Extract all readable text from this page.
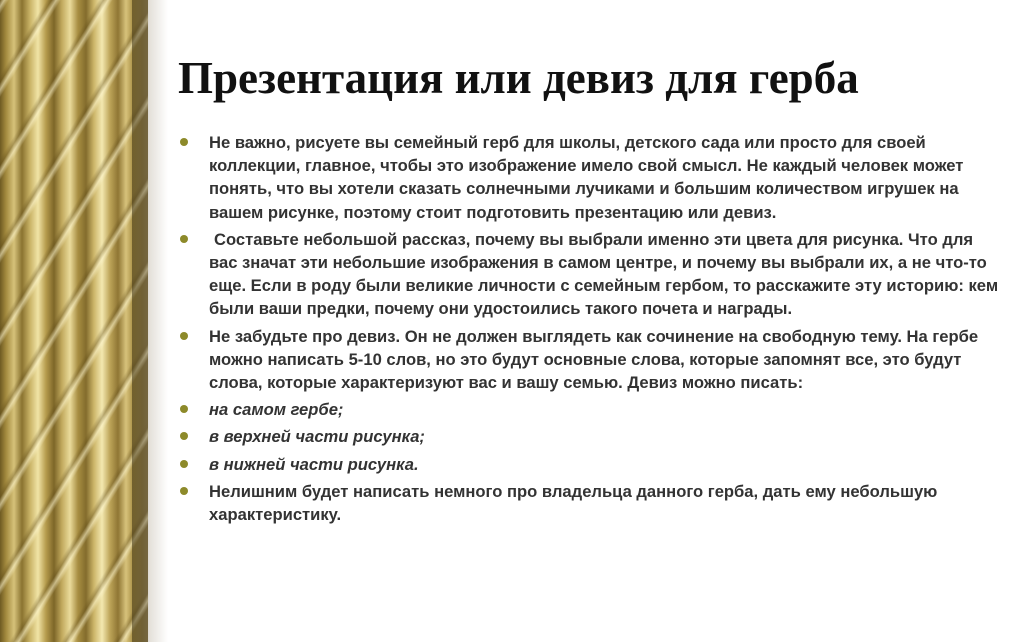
Презентация или девиз для герба
Не важно, рисуете вы семейный герб для школы, детского сада или просто для своей коллекции, главное, чтобы это изображение имело свой смысл. Не каждый человек может понять, что вы хотели сказать солнечными лучиками и большим количеством игрушек на вашем рисунке, поэтому стоит подготовить презентацию или девиз.
Составьте небольшой рассказ, почему вы выбрали именно эти цвета для рисунка. Что для вас значат эти небольшие изображения в самом центре, и почему вы выбрали их, а не что-то еще. Если в роду были великие личности с семейным гербом, то расскажите эту историю: кем были ваши предки, почему они удостоились такого почета и награды.
Не забудьте про девиз. Он не должен выглядеть как сочинение на свободную тему. На гербе можно написать 5-10 слов, но это будут основные слова, которые запомнят все, это будут слова, которые характеризуют вас и вашу семью. Девиз можно писать:
на самом гербе;
в верхней части рисунка;
в нижней части рисунка.
Нелишним будет написать немного про владельца данного герба, дать ему небольшую характеристику.
